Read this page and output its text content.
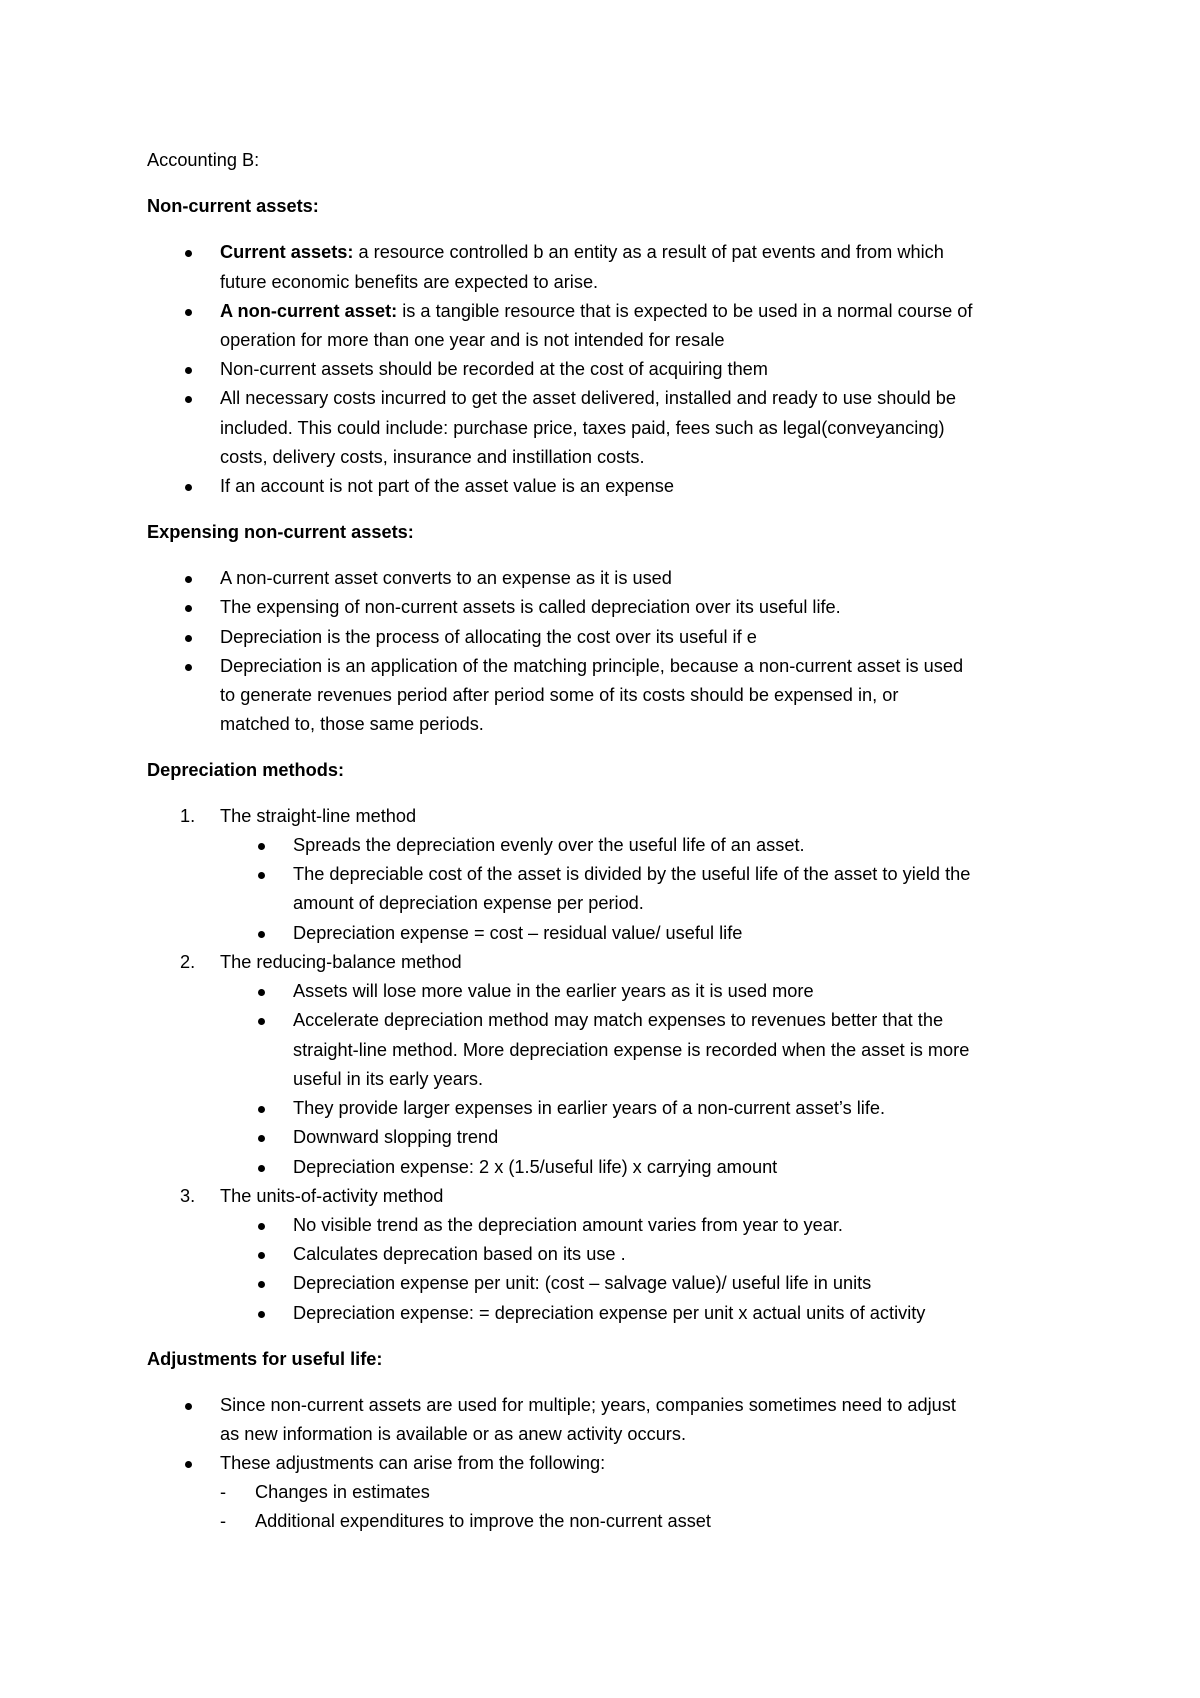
Accounting B:
Non-current assets:
Current assets: a resource controlled b an entity as a result of pat events and from which
future economic benefits are expected to arise.
A non-current asset: is a tangible resource that is expected to be used in a normal course of
operation for more than one year and is not intended for resale
Non-current assets should be recorded at the cost of acquiring them
All necessary costs incurred to get the asset delivered, installed and ready to use should be
included. This could include: purchase price, taxes paid, fees such as legal(conveyancing)
costs, delivery costs, insurance and instillation costs.
If an account is not part of the asset value is an expense
Expensing non-current assets:
A non-current asset converts to an expense as it is used
The expensing of non-current assets is called depreciation over its useful life.
Depreciation is the process of allocating the cost over its useful if e
Depreciation is an application of the matching principle, because a non-current asset is used
to generate revenues period after period some of its costs should be expensed in, or
matched to, those same periods.
Depreciation methods:
1. The straight-line method
Spreads the depreciation evenly over the useful life of an asset.
The depreciable cost of the asset is divided by the useful life of the asset to yield the
amount of depreciation expense per period.
Depreciation expense = cost – residual value/ useful life
2. The reducing-balance method
Assets will lose more value in the earlier years as it is used more
Accelerate depreciation method may match expenses to revenues better that the
straight-line method. More depreciation expense is recorded when the asset is more
useful in its early years.
They provide larger expenses in earlier years of a non-current asset’s life.
Downward slopping trend
Depreciation expense: 2 x (1.5/useful life) x carrying amount
3. The units-of-activity method
No visible trend as the depreciation amount varies from year to year.
Calculates deprecation based on its use .
Depreciation expense per unit: (cost – salvage value)/ useful life in units
Depreciation expense: = depreciation expense per unit x actual units of activity
Adjustments for useful life:
Since non-current assets are used for multiple; years, companies sometimes need to adjust
as new information is available or as anew activity occurs.
These adjustments can arise from the following:
- Changes in estimates
- Additional expenditures to improve the non-current asset
